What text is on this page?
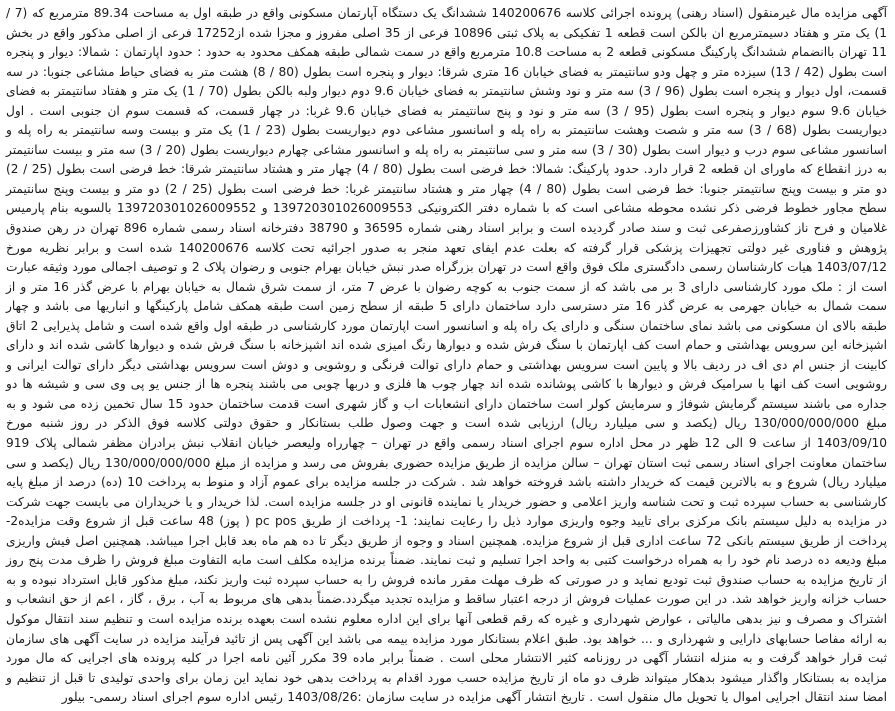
آگهی مزایده مال غیرمنقول (اسناد رهنی) پرونده اجرائی کلاسه 140200676 ششدانگ یک دستگاه آپارتمان مسکونی واقع در طبقه اول به مساحت 89.34 مترمربع که (7 / 1) یک متر و هفتاد دسیمترمربع ان بالکن است قطعه 1 تفکیکی به پلاک ثبتی 10896 فرعی از 35 اصلی مفروز و مجزا شده از17252 فرعی از اصلی مذکور واقع در بخش 11 تهران باانضمام ششدانگ پارکینگ مسکونی قطعه 2 به مساحت 10.8 مترمربع واقع در سمت شمالی طبقه همکف محدود به حدود : حدود اپارتمان : شمالا: دیوار و پنجره است بطول (42 / 13) سیزده متر و چهل ودو سانتیمتر به فضای خیابان 16 متری شرقا: دیوار و پنجره است بطول (80 / 8) هشت متر به فضای حیاط مشاعی جنوبا: در سه قسمت، اول دیوار و پنجره است بطول (96 / 3) سه متر و نود وشش سانتیمتر به فضای خیابان 9.6 دوم دیوار ولبه بالکن بطول (70 / 1) یک متر و هفتاد سانتیمتر به فضای خیابان 9.6 سوم دیوار و پنجره است بطول (95 / 3) سه متر و نود و پنج سانتیمتر به فضای خیابان 9.6 غربا: در چهار قسمت، که قسمت سوم ان جنوبی است . اول دیواریست بطول (68 / 3) سه متر و شصت وهشت سانتیمتر به راه پله و اسانسور مشاعی دوم دیواریست بطول (23 / 1) یک متر و بیست وسه سانتیمتر به راه پله و اسانسور مشاعی سوم درب و دیوار است بطول (30 / 3) سه متر و سی سانتیمتر به راه پله و اسانسور مشاعی چهارم دیواریست بطول (20 / 3) سه متر و بیست سانتیمتر به درز انقطاع که ماورای ان قطعه 2 قرار دارد. حدود پارکینگ: شمالا: خط فرضی است بطول (80 / 4) چهار متر و هشتاد سانتیمتر شرقا: خط فرضی است بطول (25 / 2) دو متر و بیست وپنج سانتیمتر جنوبا: خط فرضی است بطول (80 / 4) چهار متر و هشتاد سانتیمتر غربا: خط فرضی است بطول (25 / 2) دو متر و بیست وپنج سانتیمتر سطح مجاور خطوط فرضی ذکر نشده محوطه مشاعی است که با شماره دفتر الکترونیکی 139720301026009553 و 139720301026009552 بالسویه بنام پارمیس غلامیان و فرح ناز کشاورزصفرعی ثبت و سند صادر گردیده است و برابر اسناد رهنی شماره 36595 و 38790 دفترخانه اسناد رسمی شماره 896 تهران در رهن صندوق پژوهش و فناوری غیر دولتی تجهیزات پزشکی قرار گرفته که بعلت عدم ایفای تعهد منجر به صدور اجرائیه تحت کلاسه 140200676 شده است و برابر نظریه مورخ 1403/07/12 هیات کارشناسان رسمی دادگستری ملک فوق واقع است در تهران بزرگراه صدر نبش خیابان بهرام جنوبی و رضوان پلاک 2 و توصیف اجمالی مورد وثیقه عبارت است از : ملک مورد کارشناسی دارای 3 بر می باشد که از سمت جنوب به کوچه رضوان با عرض 7 متر، از سمت شرق شمال به خیابان بهرام با عرض گذر 16 متر و از سمت شمال به خیابان جهرمی به عرض گذر 16 متر دسترسی دارد ساختمان دارای 5 طبقه از سطح زمین است طبقه همکف شامل پارکینگها و انباریها می باشد و چهار طبقه بالای ان مسکونی می باشد نمای ساختمان سنگی و دارای یک راه پله و اسانسور است اپارتمان مورد کارشناسی در طبقه اول واقع شده است و شامل پذیرایی 2 اتاق اشپزخانه این سرویس بهداشتی و حمام است کف اپارتمان با سنگ فرش شده و دیوارها رنگ امیزی شده اند اشپزخانه با سنگ فرش شده و دیوارها کاشی شده اند و دارای کابینت از جنس ام دی اف در ردیف بالا و پایین است سرویس بهداشتی و حمام دارای توالت فرنگی و روشویی و دوش است سرویس بهداشتی دیگر دارای توالت ایرانی و روشویی است کف انها با سرامیک فرش و دیوارها با کاشی پوشانده شده اند چهار چوب ها فلزی و دربها چوبی می باشند پنجره ها از جنس یو پی وی سی و شیشه ها دو جداره می باشند سیستم گرمایش شوفاژ و سرمایش کولر است ساختمان دارای انشعابات اب و گاز شهری است قدمت ساختمان حدود 15 سال تخمین زده می شود و به مبلغ 130/000/000/000 ریال (یکصد و سی میلیارد ریال) ارزیابی شده است و جهت وصول طلب بستانکار و حقوق دولتی کلاسه فوق الذکر در روز شنبه مورخ 1403/09/10 از ساعت 9 الی 12 ظهر در محل اداره سوم اجرای اسناد رسمی واقع در تهران – چهارراه ولیعصر خیابان انقلاب نبش برادران مظفر شمالی پلاک 919 ساختمان معاونت اجرای اسناد رسمی ثبت استان تهران – سالن مزایده از طریق مزایده حضوری بفروش می رسد و مزایده از مبلغ 130/000/000/000 ریال (یکصد و سی میلیارد ریال) شروع و به بالاترین قیمت که خریدار داشته باشد فروخته خواهد شد . شرکت در جلسه مزایده برای عموم آزاد و منوط به پرداخت 10 (ده) درصد از مبلغ پایه کارشناسی به حساب سپرده ثبت و تحت شناسه واریز اعلامی و حضور خریدار یا نماینده قانونی او در جلسه مزایده است. لذا خریدار و یا خریداران می بایست جهت شرکت در مزایده به دلیل سیستم بانک مرکزی برای تایید وجوه واریزی موارد ذیل را رعایت نمایند: 1- پرداخت از طریق pc pos ( پوز) 48 ساعت قبل از شروع وقت مزایده2- پرداخت از طریق سیستم بانکی 72 ساعت اداری قبل از شروع مزایده. همچنین اسناد و وجوه از طریق دیگر تا ده هم ماه بعد قابل اجرا میباشد. همچنین اصل فیش واریزی مبلغ ودیعه ده درصد نام خود را به همراه درخواست کتبی به واحد اجرا تسلیم و ثبت نمایند. ضمناً برنده مزایده مکلف است مابه التفاوت مبلغ فروش را ظرف مدت پنج روز از تاریخ مزایده به حساب صندوق ثبت تودیع نماید و در صورتی که ظرف مهلت مقرر مانده فروش را به حساب سپرده ثبت واریز نکند، مبلغ مذکور قابل استرداد نبوده و به حساب خزانه واریز خواهد شد. در این صورت عملیات فروش از درجه اعتبار ساقط و مزایده تجدید میگردد.ضمناً بدهی های مربوط به آب ، برق ، گاز ، اعم از حق انشعاب و اشتراک و مصرف و نیز بدهی مالیاتی ، عوارض شهرداری و غیره که رقم قطعی آنها برای این اداره معلوم نشده است بعهده برنده مزایده است و تنظیم سند انتقال موکول به ارائه مفاصا حسابهای دارایی و شهرداری و ... خواهد بود. طبق اعلام بستانکار مورد مزایده بیمه می باشد این آگهی پس از تائید فرآیند مزایده در سایت آگهی های سازمان ثبت قرار خواهد گرفت و به منزله انتشار آگهی در روزنامه کثیر الانتشار محلی است . ضمناً برابر ماده 39 مکرر آئین نامه اجرا در کلیه پرونده های اجرایی که مال مورد مزایده به بستانکار واگذار میشود بدهکار میتواند ظرف دو ماه از تاریخ مزایده حسب مورد اقدام به پرداخت بدهی خود نماید این زمان برای واحدی تولیدی تا قبل از تنظیم و امضا سند انتقال اجرایی اموال یا تحویل مال منقول است . تاریخ انتشار آگهی مزایده در سایت سازمان :1403/08/26 رئیس اداره سوم اجرای اسناد رسمی- بیلور
